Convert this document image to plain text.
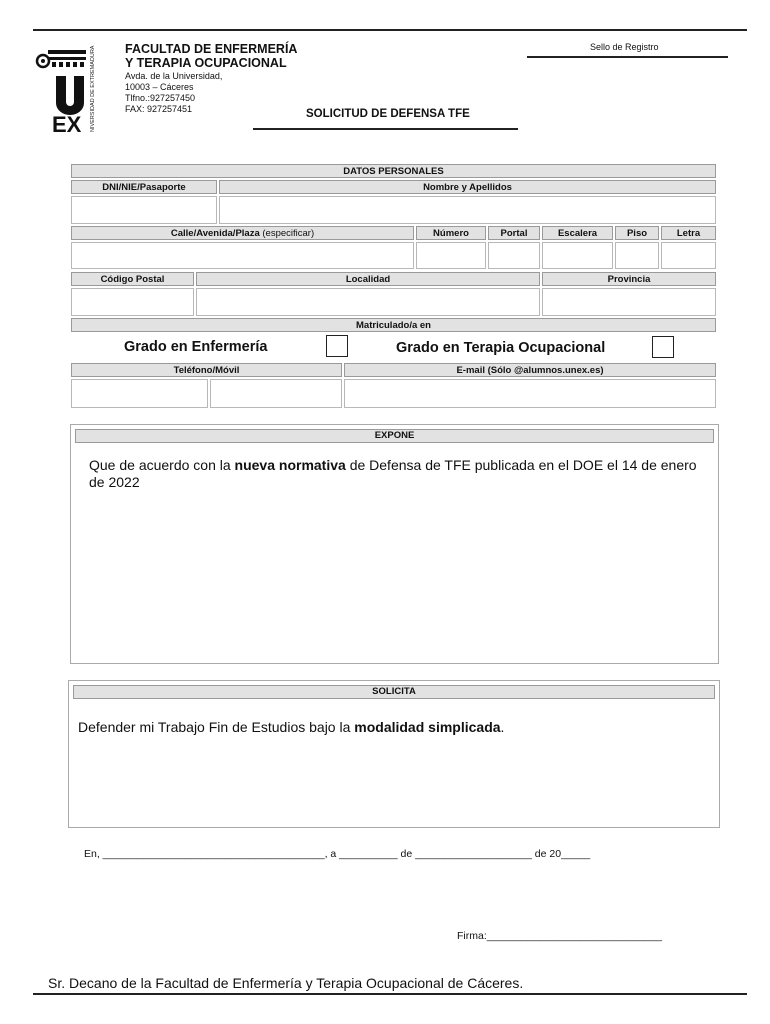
EX UNIVERSIDAD DE EXTREMADURA FACULTAD DE ENFERMERÍA
Y TERAPIA OCUPACIONAL
Avda. de la Universidad,
10003 – Cáceres
Tlfno.:927257450
FAX: 927257451
Sello de Registro
SOLICITUD DE DEFENSA TFE
DATOS PERSONALES
DNI/NIE/Pasaporte	Nombre y Apellidos
Calle/Avenida/Plaza (especificar)	Número	Portal	Escalera	Piso	Letra
Código Postal	Localidad	Provincia
Matriculado/a en
Grado en Enfermería	Grado en Terapia Ocupacional
Teléfono/Móvil	E-mail (Sólo @alumnos.unex.es)
EXPONE
Que de acuerdo con la nueva normativa de Defensa de TFE publicada en el DOE el 14 de enero de 2022
SOLICITA
Defender mi Trabajo Fin de Estudios bajo la modalidad simplicada.
En, ______________________________________, a __________ de ____________________ de 20_____
Firma:______________________________
Sr. Decano de la Facultad de Enfermería y Terapia Ocupacional de Cáceres.
